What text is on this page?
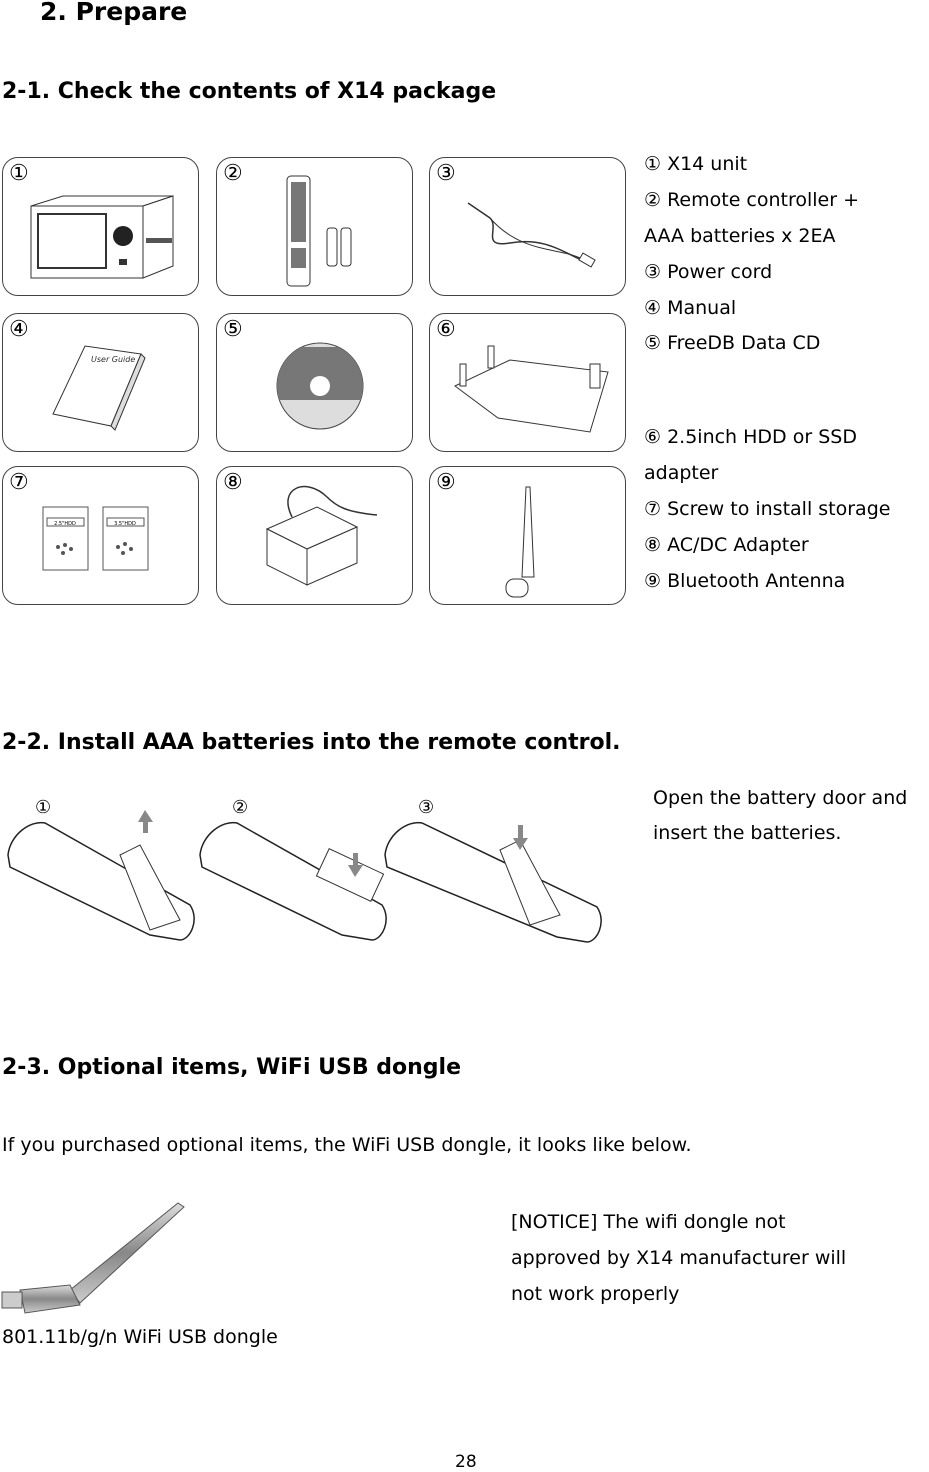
2. Prepare
2-1. Check the contents of X14 package
①	②	③
④
User Guide
⑤	⑥
⑦
2.5"HDD	3.5"HDD
⑧	⑨
① X14 unit
② Remote controller +
AAA batteries x 2EA
③ Power cord
④ Manual
⑤ FreeDB Data CD
⑥ 2.5inch HDD or SSD
adapter
⑦ Screw to install storage
⑧ AC/DC Adapter
⑨ Bluetooth Antenna
2-2. Install AAA batteries into the remote control.
①	②	③	Open the battery door and
insert the batteries.
2-3. Optional items, WiFi USB dongle
If you purchased optional items, the WiFi USB dongle, it looks like below.
[NOTICE] The wifi dongle not
approved by X14 manufacturer will
not work properly
801.11b/g/n WiFi USB dongle
28
